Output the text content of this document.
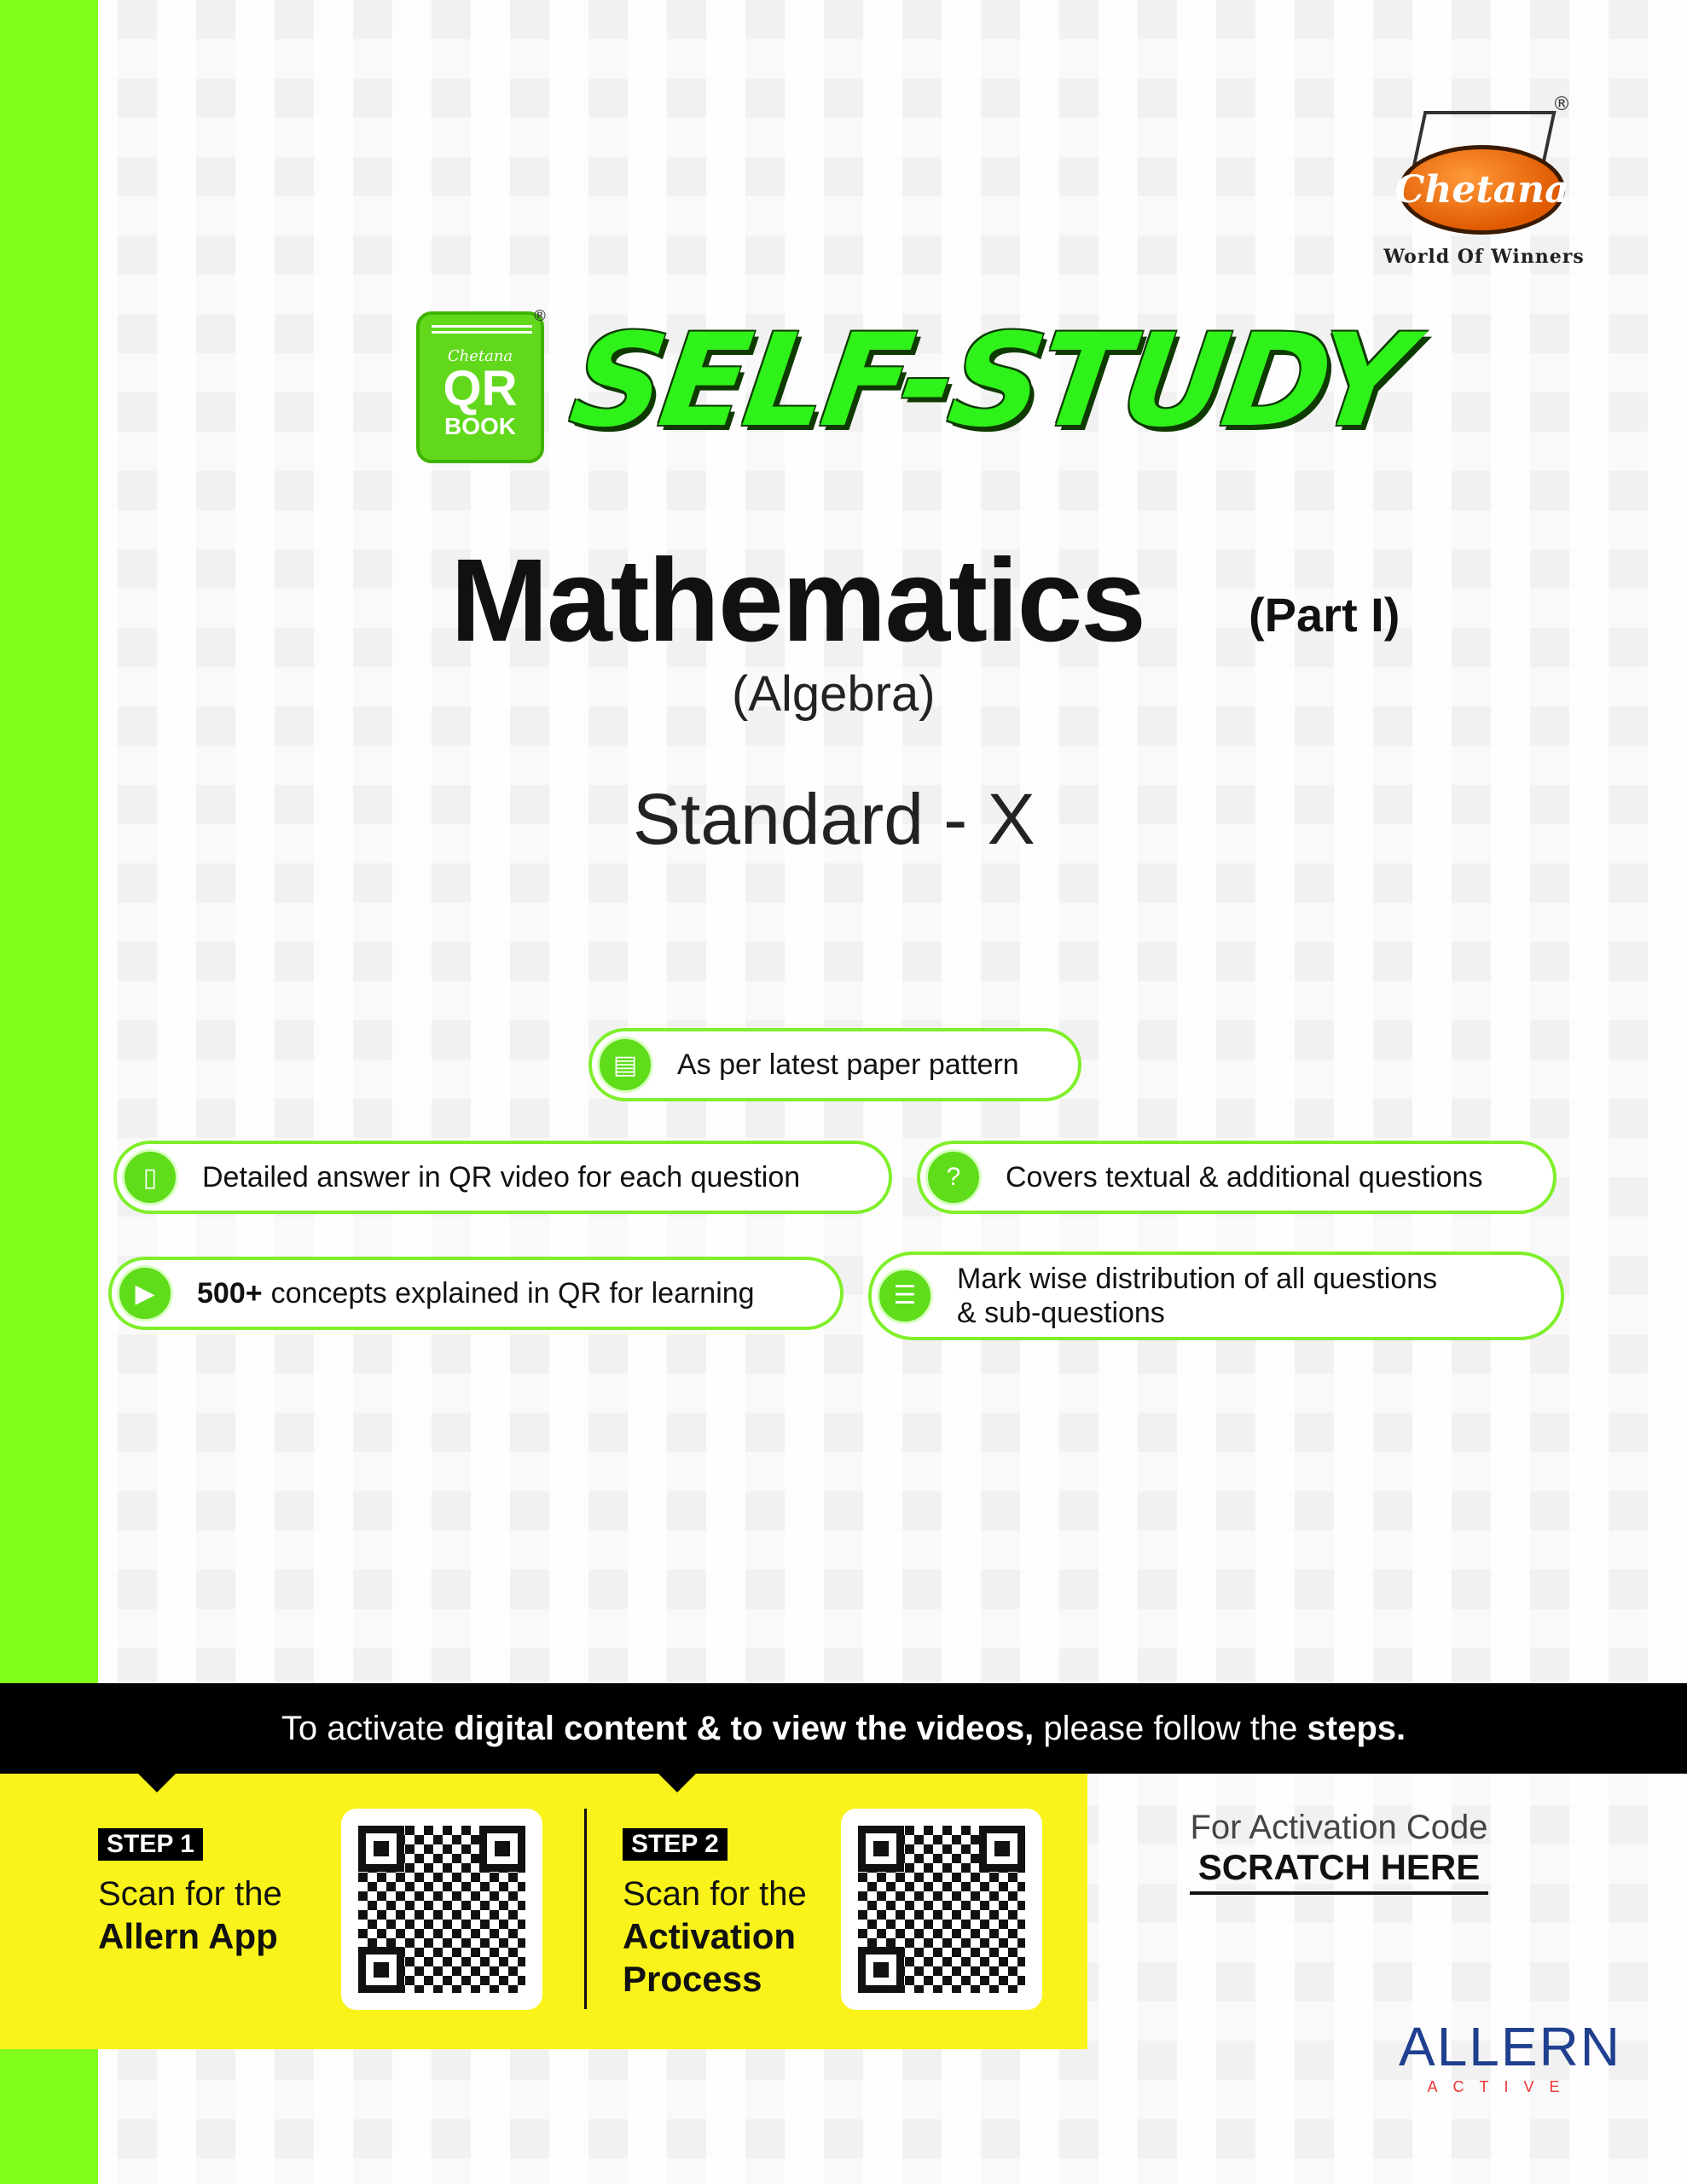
®
Chetana
World Of Winners
Chetana
QR
BOOK
® SELF-STUDY
Mathematics (Part I)
(Algebra)
Standard - X
▤	As per latest paper pattern
▯	Detailed answer in QR video for each question	?	Covers textual & additional questions
▶	500+ concepts explained in QR for learning	☰
Mark wise distribution of all questions
& sub-questions
To activate digital content & to view the videos, please follow the steps.
STEP 1
Scan for the
Allern App
STEP 2
Scan for the
Activation
Process
For Activation Code
SCRATCH HERE
ALLERN
ACTIVE
